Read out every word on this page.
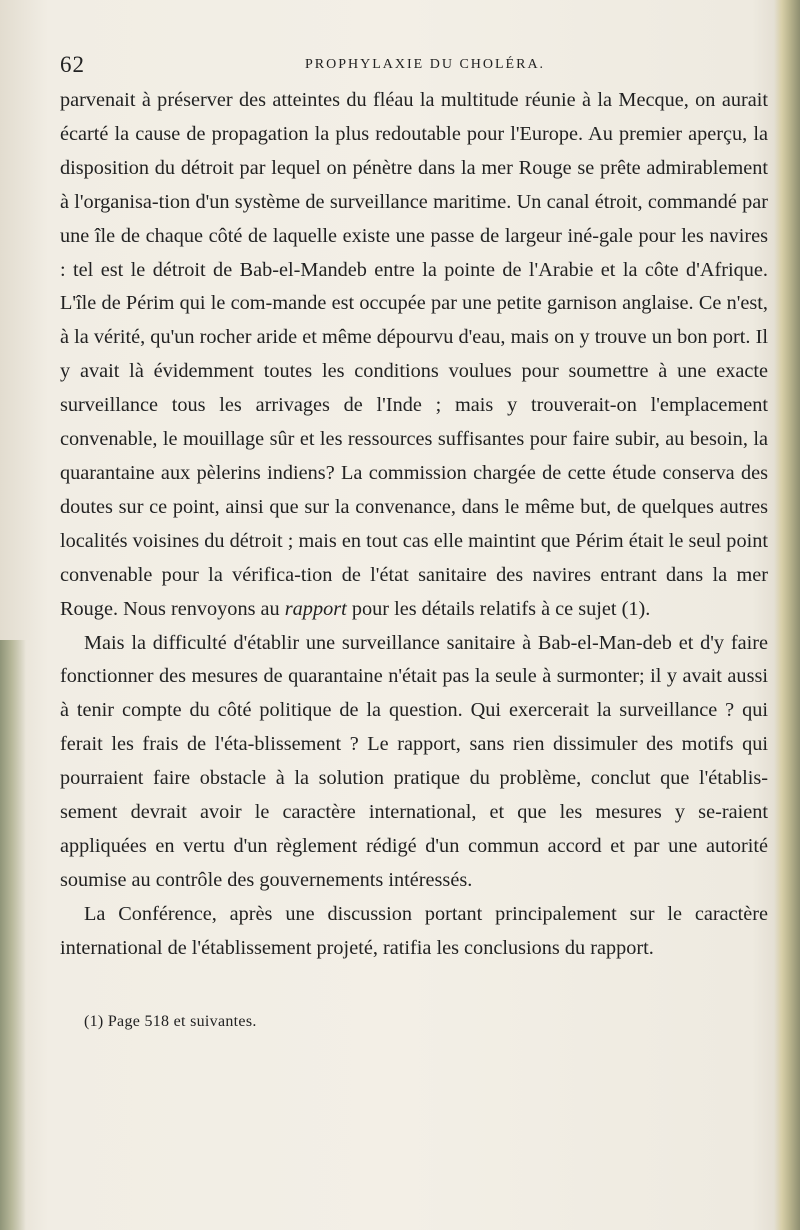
62	PROPHYLAXIE DU CHOLÉRA.

parvenait à préserver des atteintes du fléau la multitude réunie à la Mecque, on aurait écarté la cause de propagation la plus redoutable pour l'Europe. Au premier aperçu, la disposition du détroit par lequel on pénètre dans la mer Rouge se prête admirablement à l'organisa-tion d'un système de surveillance maritime. Un canal étroit, commandé par une île de chaque côté de laquelle existe une passe de largeur iné-gale pour les navires : tel est le détroit de Bab-el-Mandeb entre la pointe de l'Arabie et la côte d'Afrique. L'île de Périm qui le com-mande est occupée par une petite garnison anglaise. Ce n'est, à la vérité, qu'un rocher aride et même dépourvu d'eau, mais on y trouve un bon port. Il y avait là évidemment toutes les conditions voulues pour soumettre à une exacte surveillance tous les arrivages de l'Inde ; mais y trouverait-on l'emplacement convenable, le mouillage sûr et les ressources suffisantes pour faire subir, au besoin, la quarantaine aux pèlerins indiens? La commission chargée de cette étude conserva des doutes sur ce point, ainsi que sur la convenance, dans le même but, de quelques autres localités voisines du détroit ; mais en tout cas elle maintint que Périm était le seul point convenable pour la vérifica-tion de l'état sanitaire des navires entrant dans la mer Rouge. Nous renvoyons au rapport pour les détails relatifs à ce sujet (1).

Mais la difficulté d'établir une surveillance sanitaire à Bab-el-Man-deb et d'y faire fonctionner des mesures de quarantaine n'était pas la seule à surmonter; il y avait aussi à tenir compte du côté politique de la question. Qui exercerait la surveillance ? qui ferait les frais de l'éta-blissement ? Le rapport, sans rien dissimuler des motifs qui pourraient faire obstacle à la solution pratique du problème, conclut que l'établis-sement devrait avoir le caractère international, et que les mesures y se-raient appliquées en vertu d'un règlement rédigé d'un commun accord et par une autorité soumise au contrôle des gouvernements intéressés.

La Conférence, après une discussion portant principalement sur le caractère international de l'établissement projeté, ratifia les conclusions du rapport.

(1) Page 518 et suivantes.
